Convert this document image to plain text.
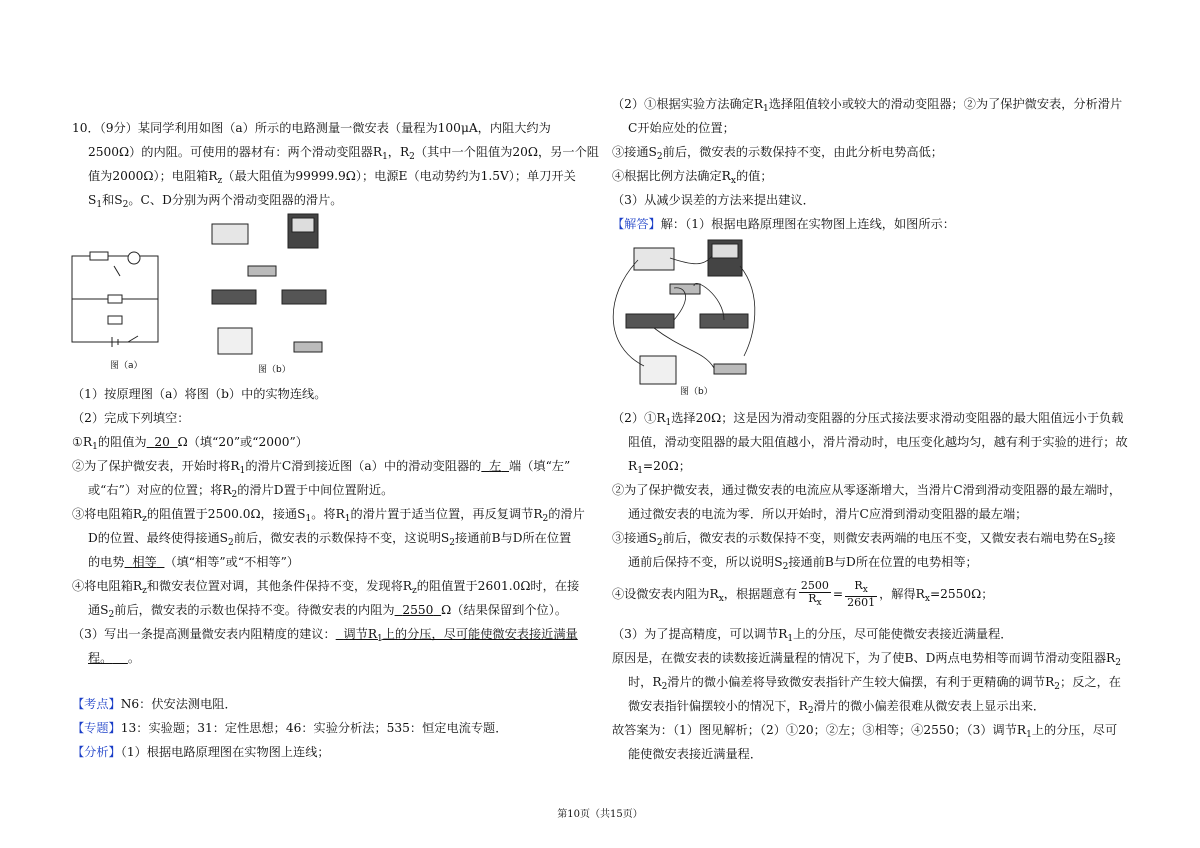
10．（9分）某同学利用如图（a）所示的电路测量一微安表（量程为100μA，内阻大约为
2500Ω）的内阻。可使用的器材有：两个滑动变阻器$R_1$，$R_2$（其中一个阻值为20Ω，另一个阻
值为2000Ω）；电阻箱$R_z$（最大阻值为99999.9Ω）；电源E（电动势约为1.5V）；单刀开关
$S_1$和$S_2$。C、D分别为两个滑动变阻器的滑片。
图（a）	图（b）
（1）按原理图（a）将图（b）中的实物连线。
（2）完成下列填空：
$①R_1$的阻值为 20 Ω（填“20”或“2000”）
②为了保护微安表，开始时将$R_1$的滑片C滑到接近图（a）中的滑动变阻器的 左 端（填“左”
或“右”）对应的位置；将$R_2$的滑片D置于中间位置附近。
③将电阻箱$R_z$的阻值置于2500.0Ω，接通$S_1$。将$R_1$的滑片置于适当位置，再反复调节$R_2$的滑片
D的位置、最终使得接通$S_2$前后，微安表的示数保持不变，这说明$S_2$接通前B与D所在位置
的电势 相等 （填“相等”或“不相等”）
④将电阻箱$R_z$和微安表位置对调，其他条件保持不变，发现将$R_z$的阻值置于2601.0Ω时，在接
通$S_2$前后，微安表的示数也保持不变。待微安表的内阻为 2550 Ω（结果保留到个位）。
（3）写出一条提高测量微安表内阻精度的建议： 调节$R_1$上的分压，尽可能使微安表接近满量
程。 。
【考点】N6：伏安法测电阻．
【专题】13：实验题；31：定性思想；46：实验分析法；535：恒定电流专题．
【分析】（1）根据电路原理图在实物图上连线；
（2）①根据实验方法确定$R_1$选择阻值较小或较大的滑动变阻器；②为了保护微安表，分析滑片
C开始应处的位置；
③接通$S_2$前后，微安表的示数保持不变，由此分析电势高低；
④根据比例方法确定$R_x$的值；
（3）从减少误差的方法来提出建议．
【解答】解：（1）根据电路原理图在实物图上连线，如图所示：
图（b）
$(2)①R_1$选择20Ω；这是因为滑动变阻器的分压式接法要求滑动变阻器的最大阻值远小于负载
阻值，滑动变阻器的最大阻值越小，滑片滑动时，电压变化越均匀，越有利于实验的进行；故
$R_1=20\Omega$；
②为了保护微安表，通过微安表的电流应从零逐渐增大，当滑片C滑到滑动变阻器的最左端时，
通过微安表的电流为零．所以开始时，滑片C应滑到滑动变阻器的最左端；
③接通$S_2$前后，微安表的示数保持不变，则微安表两端的电压不变，又微安表右端电势在$S_2$接
通前后保持不变，所以说明$S_2$接通前B与D所在位置的电势相等；
④设微安表内阻为$R_x$，根据题意有 $\frac{2500}{R_x} = \frac{R_x}{2601}$ ，解得$R_x=2550\Omega$；
（3）为了提高精度，可以调节$R_1$上的分压，尽可能使微安表接近满量程．
原因是，在微安表的读数接近满量程的情况下，为了使B、D两点电势相等而调节滑动变阻器$R_2$
时，$R_2$滑片的微小偏差将导致微安表指针产生较大偏摆，有利于更精确的调节$R_2$；反之，在
微安表指针偏摆较小的情况下，$R_2$滑片的微小偏差很难从微安表上显示出来．
故答案为：（1）图见解析；（2）①20；②左；③相等；④2550；（3）调节$R_1$上的分压，尽可
能使微安表接近满量程．
第10页（共15页）
